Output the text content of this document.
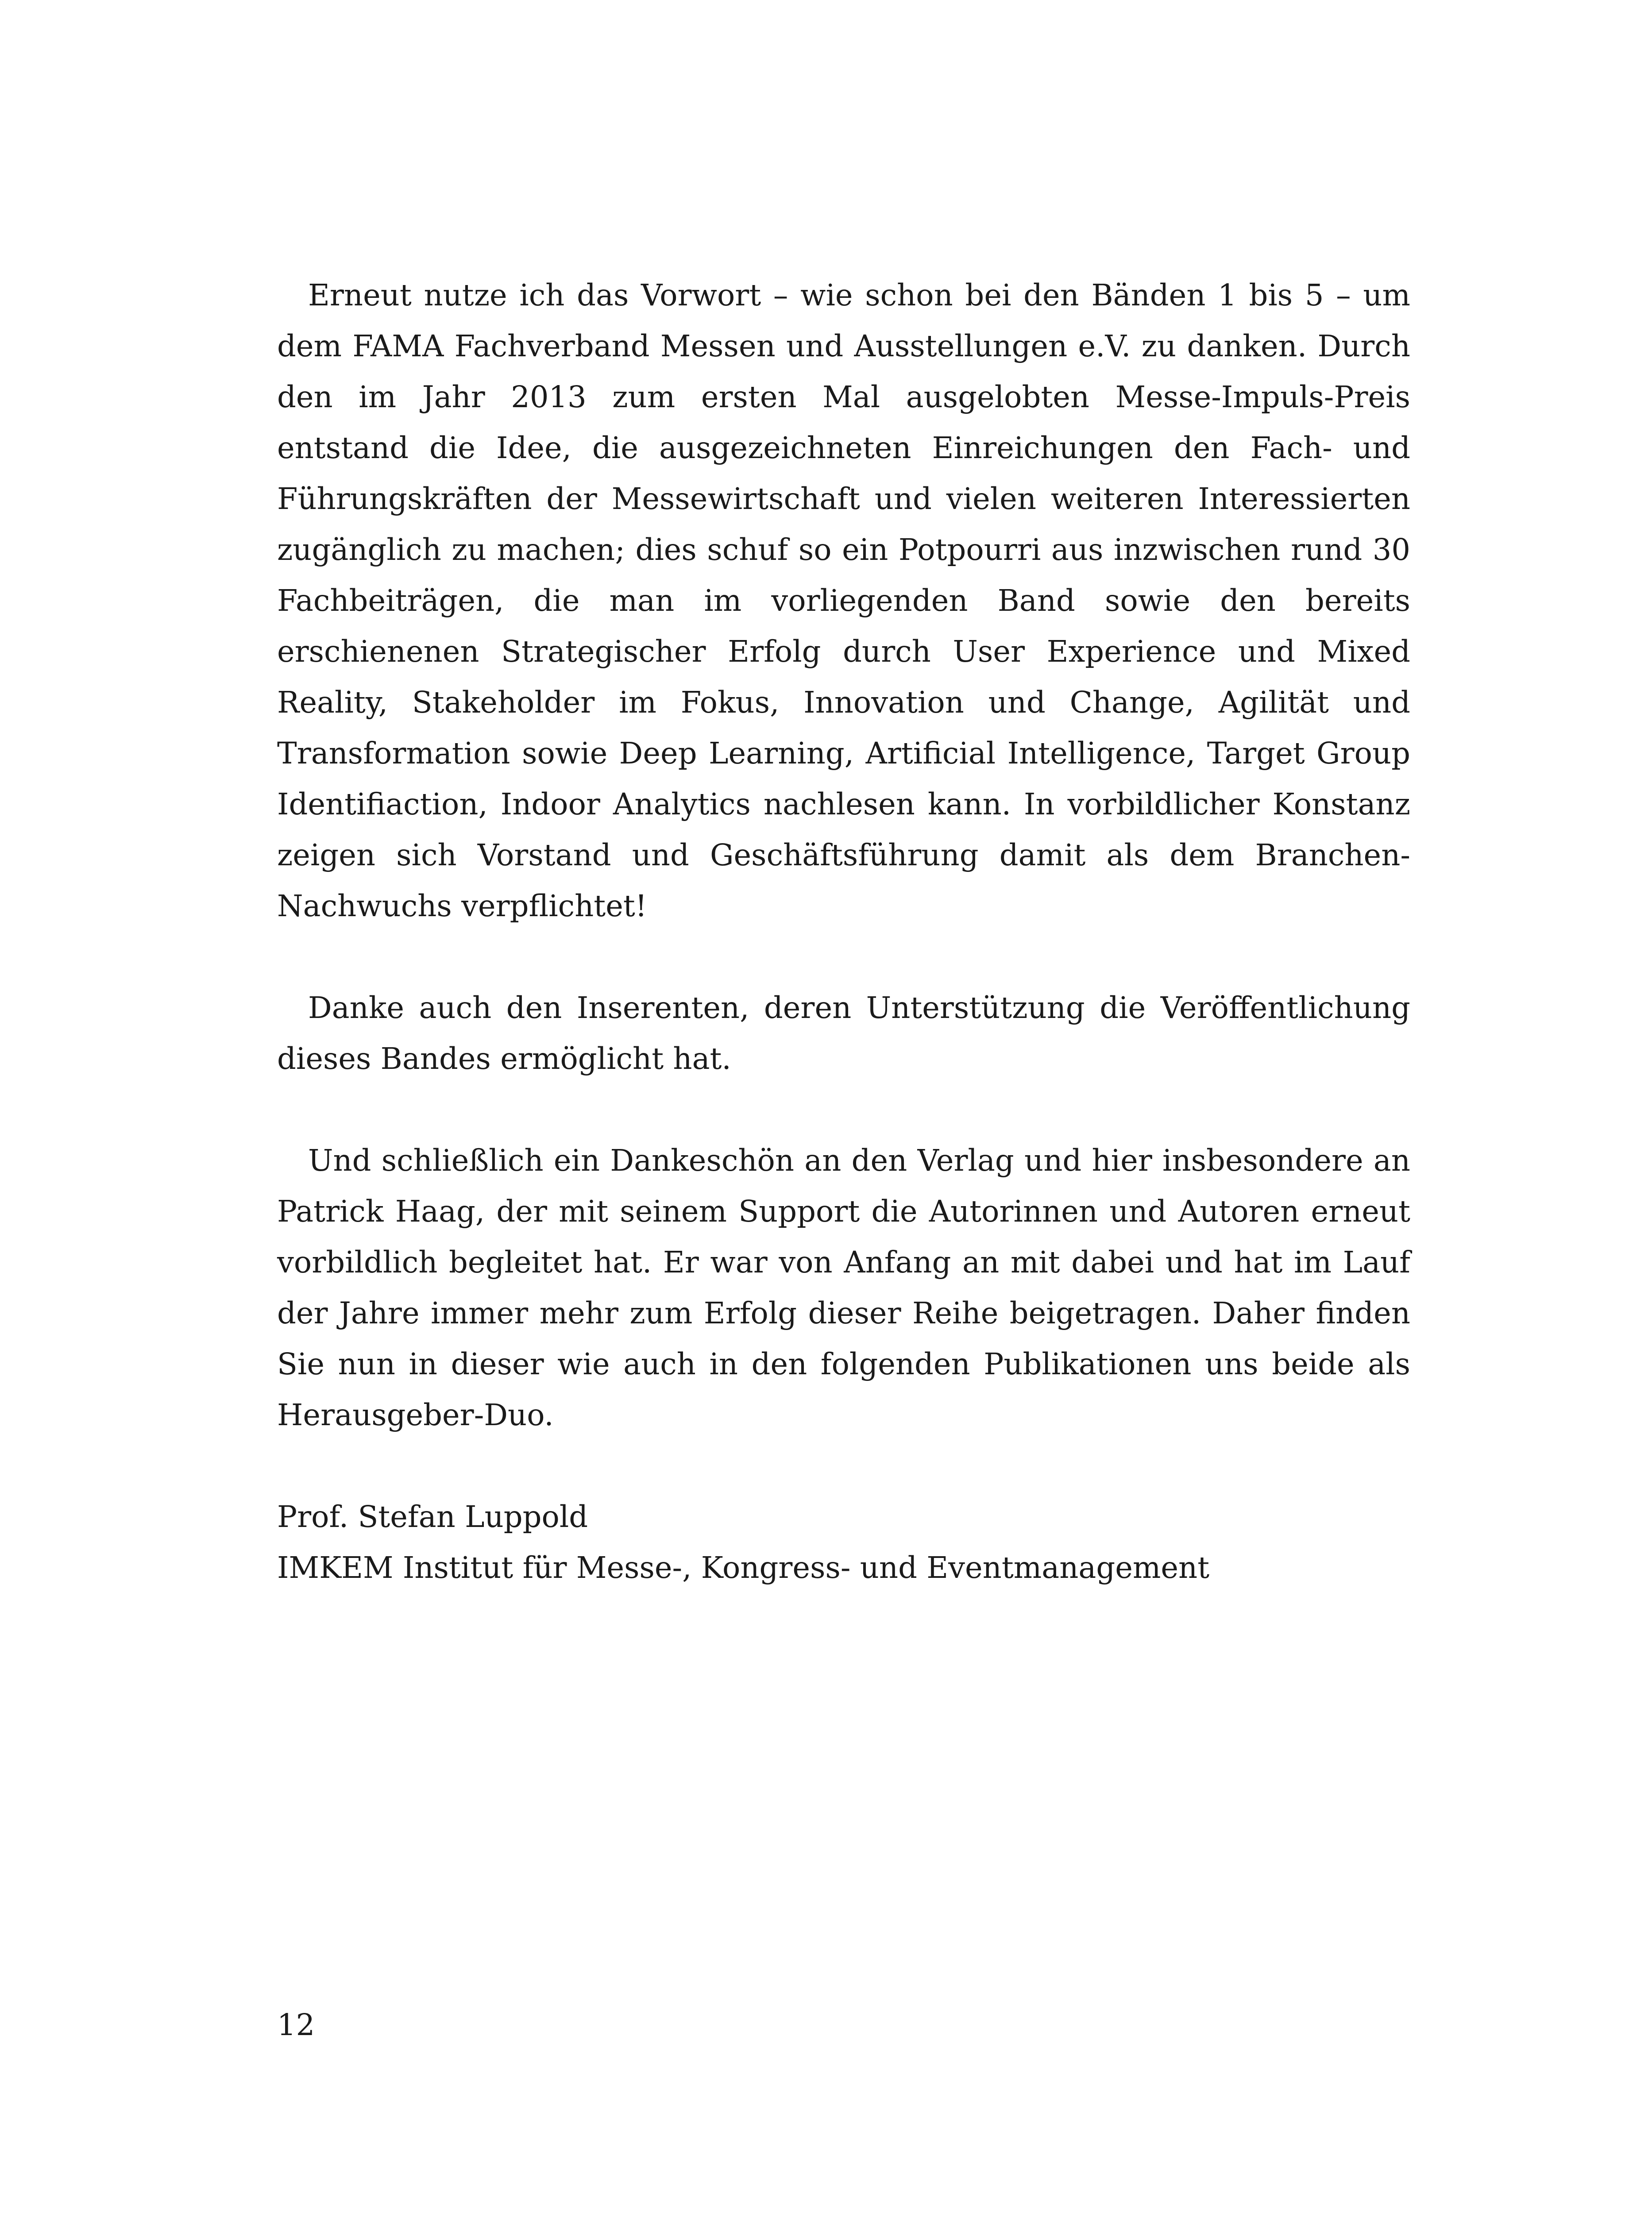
Erneut nutze ich das Vorwort – wie schon bei den Bänden 1 bis 5 – um dem FAMA Fachverband Messen und Ausstellungen e.V. zu danken. Durch den im Jahr 2013 zum ersten Mal ausgelobten Messe-Impuls-Preis entstand die Idee, die ausgezeichneten Einreichungen den Fach- und Führungskräften der Messewirtschaft und vielen weiteren Interessierten zugänglich zu machen; dies schuf so ein Potpourri aus inzwischen rund 30 Fachbeiträgen, die man im vorliegenden Band sowie den bereits erschienenen Strategischer Erfolg durch User Experience und Mixed Reality, Stakeholder im Fokus, Innovation und Change, Agilität und Transformation sowie Deep Learning, Artificial Intelligence, Target Group Identifiaction, Indoor Analytics nachlesen kann. In vorbildlicher Konstanz zeigen sich Vorstand und Geschäftsführung damit als dem Branchen-Nachwuchs verpflichtet!

Danke auch den Inserenten, deren Unterstützung die Veröffentlichung dieses Bandes ermöglicht hat.

Und schließlich ein Dankeschön an den Verlag und hier insbesondere an Patrick Haag, der mit seinem Support die Autorinnen und Autoren erneut vorbildlich begleitet hat. Er war von Anfang an mit dabei und hat im Lauf der Jahre immer mehr zum Erfolg dieser Reihe beigetragen. Daher finden Sie nun in dieser wie auch in den folgenden Publikationen uns beide als Herausgeber-Duo.

Prof. Stefan Luppold
IMKEM Institut für Messe-, Kongress- und Eventmanagement

12
